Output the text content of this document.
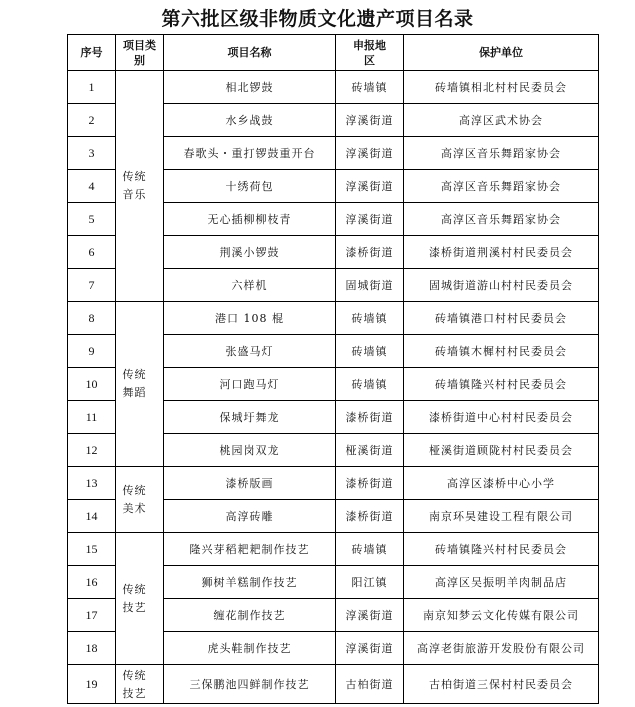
第六批区级非物质文化遗产项目名录
序号	项目类别	项目名称	申报地区	保护单位
1	传统音乐	相北锣鼓	砖墙镇	砖墙镇相北村村民委员会
2		水乡战鼓	淳溪街道	高淳区武术协会
3		春歌头・重打锣鼓重开台	淳溪街道	高淳区音乐舞蹈家协会
4		十绣荷包	淳溪街道	高淳区音乐舞蹈家协会
5		无心插柳柳枝青	淳溪街道	高淳区音乐舞蹈家协会
6		荆溪小锣鼓	漆桥街道	漆桥街道荆溪村村民委员会
7		六样机	固城街道	固城街道游山村村民委员会
8	传统舞蹈	港口 108 棍	砖墙镇	砖墙镇港口村村民委员会
9		张盛马灯	砖墙镇	砖墙镇木樨村村民委员会
10		河口跑马灯	砖墙镇	砖墙镇隆兴村村民委员会
11		保城圩舞龙	漆桥街道	漆桥街道中心村村民委员会
12		桃园岗双龙	桠溪街道	桠溪街道顾陇村村民委员会
13	传统美术	漆桥版画	漆桥街道	高淳区漆桥中心小学
14		高淳砖雕	漆桥街道	南京环昊建设工程有限公司
15	传统技艺	隆兴芽稻耙耙制作技艺	砖墙镇	砖墙镇隆兴村村民委员会
16		狮树羊糕制作技艺	阳江镇	高淳区吴振明羊肉制品店
17		缠花制作技艺	淳溪街道	南京知梦云文化传媒有限公司
18		虎头鞋制作技艺	淳溪街道	高淳老街旅游开发股份有限公司
19	传统技艺	三保鹏池四鲜制作技艺	古柏街道	古柏街道三保村村民委员会
